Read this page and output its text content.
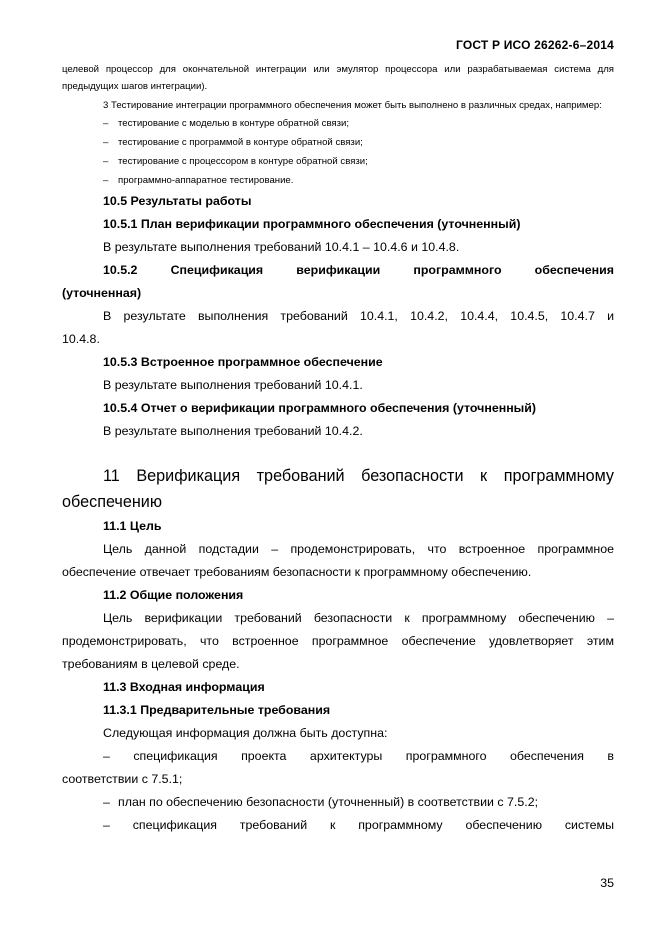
ГОСТ Р ИСО 26262-6–2014

целевой процессор для окончательной интеграции или эмулятор процессора или разрабатываемая система для предыдущих шагов интеграции).

3 Тестирование интеграции программного обеспечения может быть выполнено в различных средах, например:

– тестирование с моделью в контуре обратной связи;

– тестирование с программой в контуре обратной связи;

– тестирование с процессором в контуре обратной связи;

– программно-аппаратное тестирование.

10.5 Результаты работы

10.5.1 План верификации программного обеспечения (уточненный)

В результате выполнения требований 10.4.1 – 10.4.6 и 10.4.8.

10.5.2 Спецификация верификации программного обеспечения

(уточненная)

В результате выполнения требований 10.4.1, 10.4.2, 10.4.4, 10.4.5, 10.4.7 и

10.4.8.

10.5.3 Встроенное программное обеспечение

В результате выполнения требований 10.4.1.

10.5.4 Отчет о верификации программного обеспечения (уточненный)

В результате выполнения требований 10.4.2.

11 Верификация требований безопасности к программному

обеспечению

11.1 Цель

Цель данной подстадии – продемонстрировать, что встроенное программное обеспечение отвечает требованиям безопасности к программному обеспечению.

11.2 Общие положения

Цель верификации требований безопасности к программному обеспечению – продемонстрировать, что встроенное программное обеспечение удовлетворяет этим требованиям в целевой среде.

11.3 Входная информация

11.3.1 Предварительные требования

Следующая информация должна быть доступна:

– спецификация проекта архитектуры программного обеспечения в

соответствии с 7.5.1;

– план по обеспечению безопасности (уточненный) в соответствии с 7.5.2;

– спецификация требований к программному обеспечению системы

35
